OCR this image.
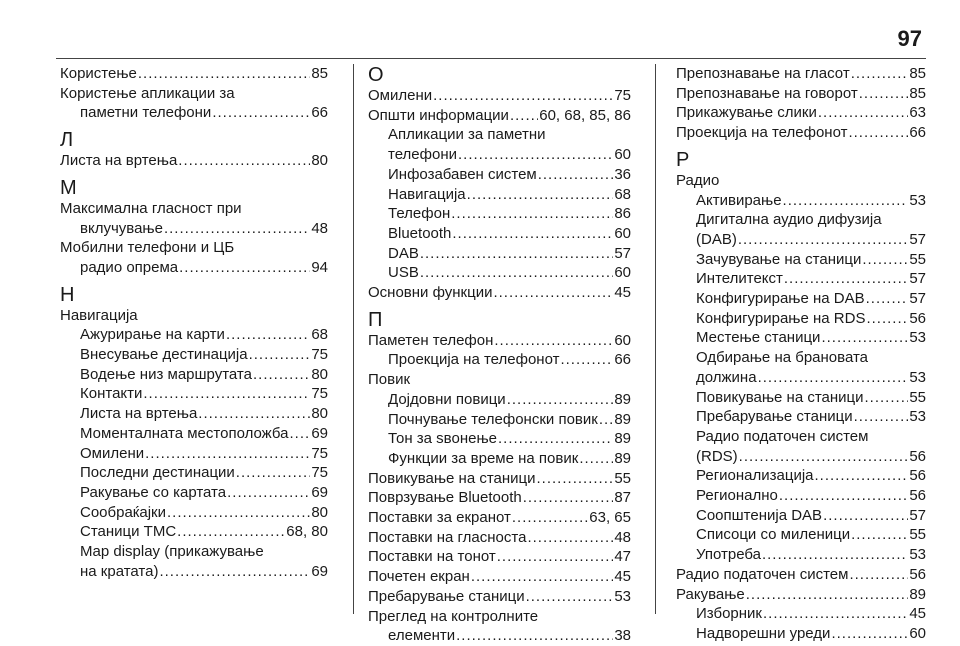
97
Користење .....	85
Користење апликации за
паметни телефони .....	66
Л
Листа на вртења .....	80
М
Максимална гласност при
вклучување .....	48
Мобилни телефони и ЦБ
радио опрема .....	94
Н
Навигација
Ажурирање на карти .....	68
Внесување дестинација .....	75
Водење низ маршрутата .....	80
Контакти .....	75
Листа на вртења .....	80
Моменталната местоположба ..... 69
Омилени .....	75
Последни дестинации .....	75
Ракување со картата .....	69
Сообраќајки .....	80
Станици TMC .....	68, 80
Map display (прикажување
на кратата) .....	69
О
Омилени .....	75
Општи информации ..... 60, 68, 85, 86
Апликации за паметни
телефони .....	60
Инфозабавен систем .....	36
Навигација .....	68
Телефон .....	86
Bluetooth .....	60
DAB .....	57
USB .....	60
Основни функции .....	45
П
Паметен телефон .....	60
Проекција на телефонот .....	66
Повик
Дојдовни повици .....	89
Почнување телефонски повик ..... 89
Тон за ѕвонење .....	89
Функции за време на повик ..... 89
Повикување на станици .....	55
Поврзување Bluetooth .....	87
Поставки за екранот .....	63, 65
Поставки на гласноста .....	48
Поставки на тонот .....	47
Почетен екран .....	45
Пребарување станици .....	53
Преглед на контролните
елементи .....	38
Препознавање на гласот .....	85
Препознавање на говорот .....	85
Прикажување слики .....	63
Проекција на телефонот .....	66
Р
Радио
Активирање .....	53
Дигитална аудио дифузија
(DAB) .....	57
Зачувување на станици .....	55
Интелитекст .....	57
Конфигурирање на DAB .....	57
Конфигурирање на RDS .....	56
Местење станици .....	53
Одбирање на брановата
должина .....	53
Повикување на станици .....	55
Пребарување станици .....	53
Радио податочен систем
(RDS) .....	56
Регионализација .....	56
Регионално .....	56
Соопштенија DAB .....	57
Списоци со миленици .....	55
Употреба .....	53
Радио податочен систем .....	56
Ракување .....	89
Изборник .....	45
Надворешни уреди .....	60
